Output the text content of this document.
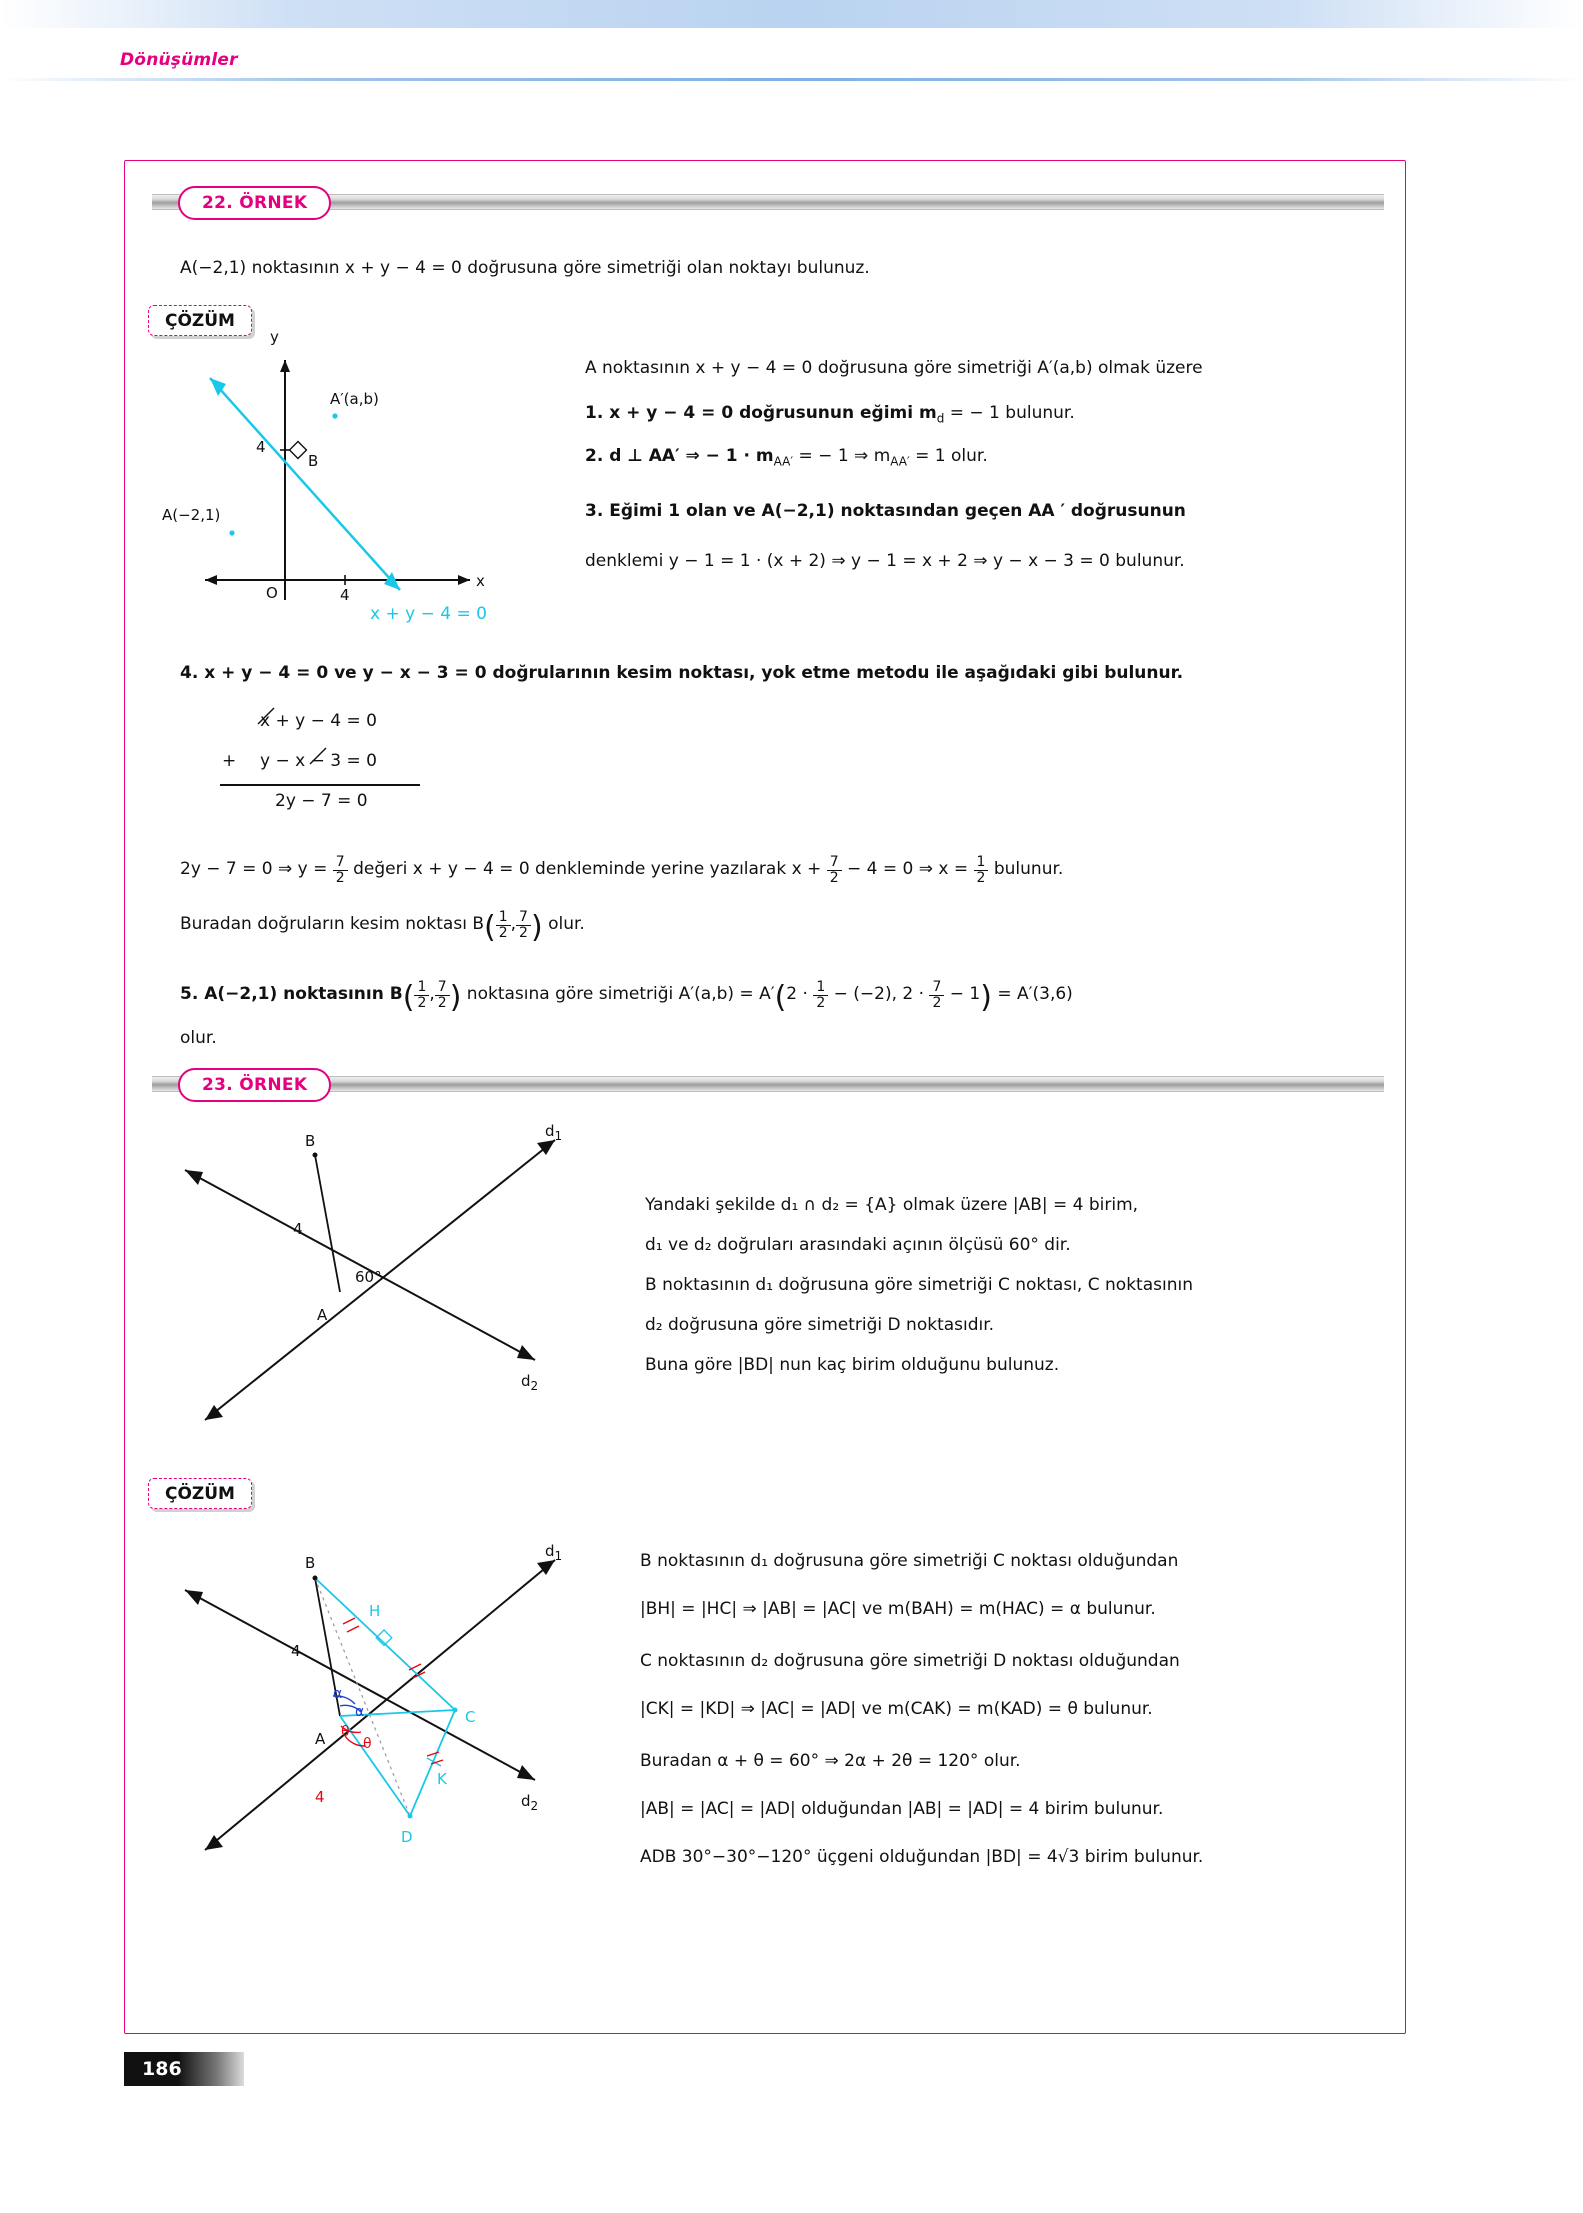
Dönüşümler
22. ÖRNEK
A(−2,1) noktasının x + y − 4 = 0 doğrusuna göre simetriği olan noktayı bulunuz.
ÇÖZÜM
y
x
O
4
4
B
A′(a,b)
A(−2,1)
x + y − 4 = 0
A noktasının x + y − 4 = 0 doğrusuna göre simetriği A′(a,b) olmak üzere
1. x + y − 4 = 0 doğrusunun eğimi $m_d$ = − 1 bulunur.
2. d ⊥ AA′ ⇒ − $1 \cdot m_{AA'}$ = − 1 ⇒ $m_{AA'} = 1$ olur.
3. Eğimi 1 olan ve A(−2,1) noktasından geçen AA ′ doğrusunun
denklemi y − 1 = 1 · (x + 2) ⇒ y − 1 = x + 2 ⇒ y − x − 3 = 0 bulunur.
4. x + y − 4 = 0 ve y − x − 3 = 0 doğrularının kesim noktası, yok etme metodu ile aşağıdaki gibi bulunur.
x + y − 4 = 0
+ y − x − 3 = 0
2y − 7 = 0
2y − 7 = 0 ⇒ $y = \frac{7}{2}$ değeri x + y − 4 = 0 denkleminde yerine yazılarak $x + \frac{7}{2} - 4 = 0$ ⇒ $x = \frac{1}{2}$ bulunur.
Buradan doğruların kesim noktası $B( \frac{1}{2}$ , $\frac{7}{2}$ ) olur.
5. A(−2,1) noktasının $B( \frac{1}{2}$ , $\frac{7}{2}$ ) noktasına göre simetriği $A'(a,b) = A'(2 \cdot \frac{1}{2} - (-2)$, $2 \cdot \frac{7}{2} - 1) = A'(3,6)$
olur.
23. ÖRNEK
B
A
4
60°
$d_1$
$d_2$
Yandaki şekilde d₁ ∩ d₂ = {A} olmak üzere |AB| = 4 birim,
d₁ ve d₂ doğruları arasındaki açının ölçüsü 60° dir.
B noktasının d₁ doğrusuna göre simetriği C noktası, C noktasının
d₂ doğrusuna göre simetriği D noktasıdır.
Buna göre |BD| nun kaç birim olduğunu bulunuz.
ÇÖZÜM
B
A
C
D
H
K
4
4
α
α
θ
θ
$d_1$
$d_2$
B noktasının d₁ doğrusuna göre simetriği C noktası olduğundan
|BH| = |HC| ⇒ |AB| = |AC| ve m(BAH) = m(HAC) = α bulunur.
C noktasının d₂ doğrusuna göre simetriği D noktası olduğundan
|CK| = |KD| ⇒ |AC| = |AD| ve m(CAK) = m(KAD) = θ bulunur.
Buradan α + θ = 60° ⇒ 2α + 2θ = 120° olur.
|AB| = |AC| = |AD| olduğundan |AB| = |AD| = 4 birim bulunur.
ADB 30°−30°−120° üçgeni olduğundan |BD| = 4√3 birim bulunur.
186
